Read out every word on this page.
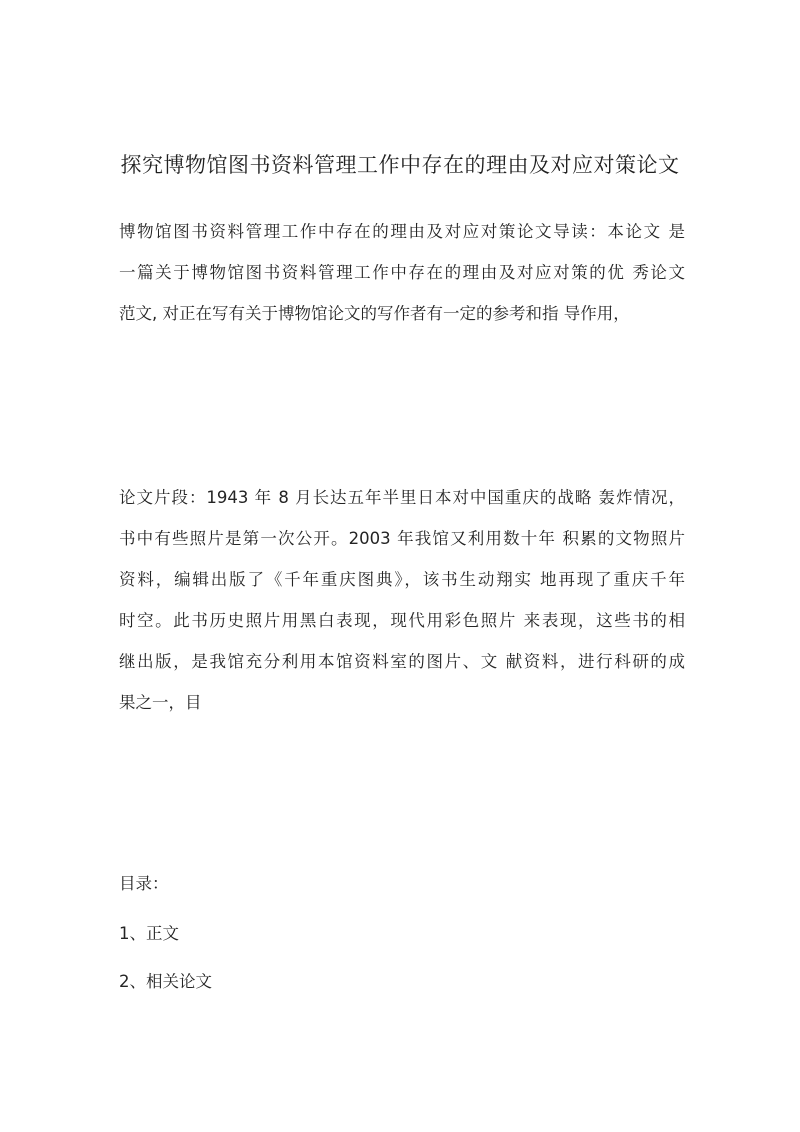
探究博物馆图书资料管理工作中存在的理由及对应对策论文
博物馆图书资料管理工作中存在的理由及对应对策论文导读：本论文 是
一篇关于博物馆图书资料管理工作中存在的理由及对应对策的优 秀论文
范文, 对正在写有关于博物馆论文的写作者有一定的参考和指 导作用，
论文片段：1943 年 8 月长达五年半里日本对中国重庆的战略 轰炸情况，
书中有些照片是第一次公开。2003 年我馆又利用数十年 积累的文物照片
资料，编辑出版了《千年重庆图典》，该书生动翔实 地再现了重庆千年
时空。此书历史照片用黑白表现，现代用彩色照片 来表现，这些书的相
继出版，是我馆充分利用本馆资料室的图片、文 献资料，进行科研的成
果之一，目
目录：
1、正文
2、相关论文
